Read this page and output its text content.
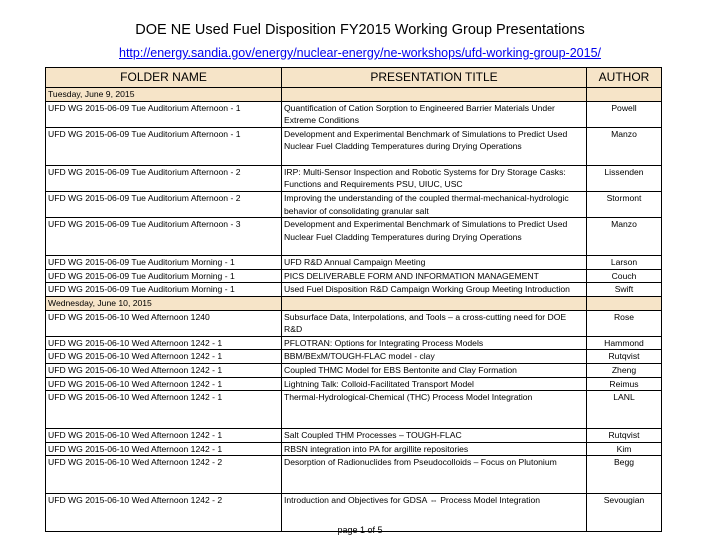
DOE NE Used Fuel Disposition FY2015 Working Group Presentations
http://energy.sandia.gov/energy/nuclear-energy/ne-workshops/ufd-working-group-2015/
FOLDER NAME	PRESENTATION TITLE	AUTHOR
Tuesday, June 9, 2015		
UFD WG 2015-06-09 Tue Auditorium Afternoon - 1	Quantification of Cation Sorption to Engineered Barrier Materials Under Extreme Conditions	Powell
UFD WG 2015-06-09 Tue Auditorium Afternoon - 1	Development and Experimental Benchmark of Simulations to Predict Used Nuclear Fuel Cladding Temperatures during Drying Operations	Manzo
UFD WG 2015-06-09 Tue Auditorium Afternoon - 2	IRP: Multi-Sensor Inspection and Robotic Systems for Dry Storage Casks: Functions and Requirements PSU, UIUC, USC	Lissenden
UFD WG 2015-06-09 Tue Auditorium Afternoon - 2	Improving the understanding of the coupled thermal-mechanical-hydrologic behavior of consolidating granular salt	Stormont
UFD WG 2015-06-09 Tue Auditorium Afternoon - 3	Development and Experimental Benchmark of Simulations to Predict Used Nuclear Fuel Cladding Temperatures during Drying Operations	Manzo
UFD WG 2015-06-09 Tue Auditorium Morning - 1	UFD R&D Annual Campaign Meeting	Larson
UFD WG 2015-06-09 Tue Auditorium Morning - 1	PICS DELIVERABLE FORM AND INFORMATION MANAGEMENT	Couch
UFD WG 2015-06-09 Tue Auditorium Morning - 1	Used Fuel Disposition R&D Campaign Working Group Meeting Introduction	Swift
Wednesday, June 10, 2015		
UFD WG 2015-06-10 Wed Afternoon 1240	Subsurface Data, Interpolations, and Tools – a cross-cutting need for DOE R&D	Rose
UFD WG 2015-06-10 Wed Afternoon 1242 - 1	PFLOTRAN: Options for Integrating Process Models	Hammond
UFD WG 2015-06-10 Wed Afternoon 1242 - 1	BBM/BExM/TOUGH-FLAC model - clay	Rutqvist
UFD WG 2015-06-10 Wed Afternoon 1242 - 1	Coupled THMC Model for EBS Bentonite and Clay Formation	Zheng
UFD WG 2015-06-10 Wed Afternoon 1242 - 1	Lightning Talk: Colloid-Facilitated Transport Model	Reimus
UFD WG 2015-06-10 Wed Afternoon 1242 - 1	Thermal-Hydrological-Chemical (THC) Process Model Integration	LANL
UFD WG 2015-06-10 Wed Afternoon 1242 - 1	Salt Coupled THM Processes – TOUGH-FLAC	Rutqvist
UFD WG 2015-06-10 Wed Afternoon 1242 - 1	RBSN integration into PA for argillite repositories	Kim
UFD WG 2015-06-10 Wed Afternoon 1242 - 2	Desorption of Radionuclides from Pseudocolloids – Focus on Plutonium	Begg
UFD WG 2015-06-10 Wed Afternoon 1242 - 2	Introduction and Objectives for GDSA ⇔ Process Model Integration	Sevougian
page 1 of 5
